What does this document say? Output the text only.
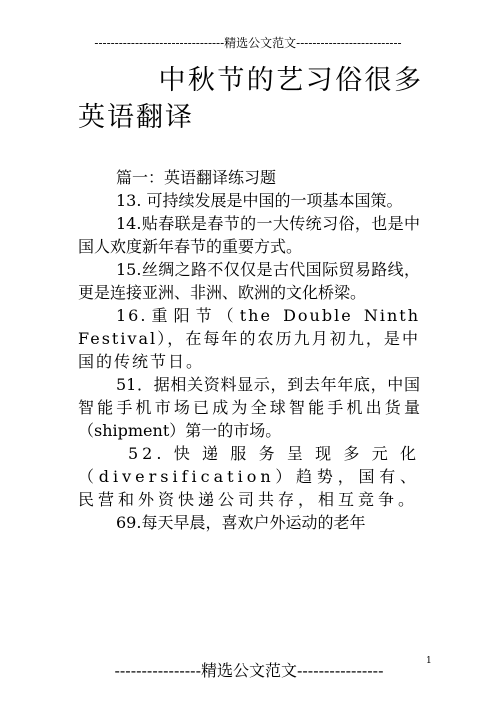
--------------------------------精选公文范文--------------------------
中秋节的艺习俗很多英语翻译

篇一：英语翻译练习题

13. 可持续发展是中国的一项基本国策。

14.贴春联是春节的一大传统习俗，也是中国人欢度新年春节的重要方式。

15.丝绸之路不仅仅是古代国际贸易路线，更是连接亚洲、非洲、欧洲的文化桥梁。

16.重阳节（the Double Ninth Festival），在每年的农历九月初九，是中国的传统节日。

51．据相关资料显示，到去年年底，中国智能手机市场已成为全球智能手机出货量（shipment）第一的市场。

52.快递服务呈现多元化（diversification）趋势，国有、民营和外资快递公司共存，相互竞争。

69.每天早晨，喜欢户外运动的老年

----------------精选公文范文----------------	1
